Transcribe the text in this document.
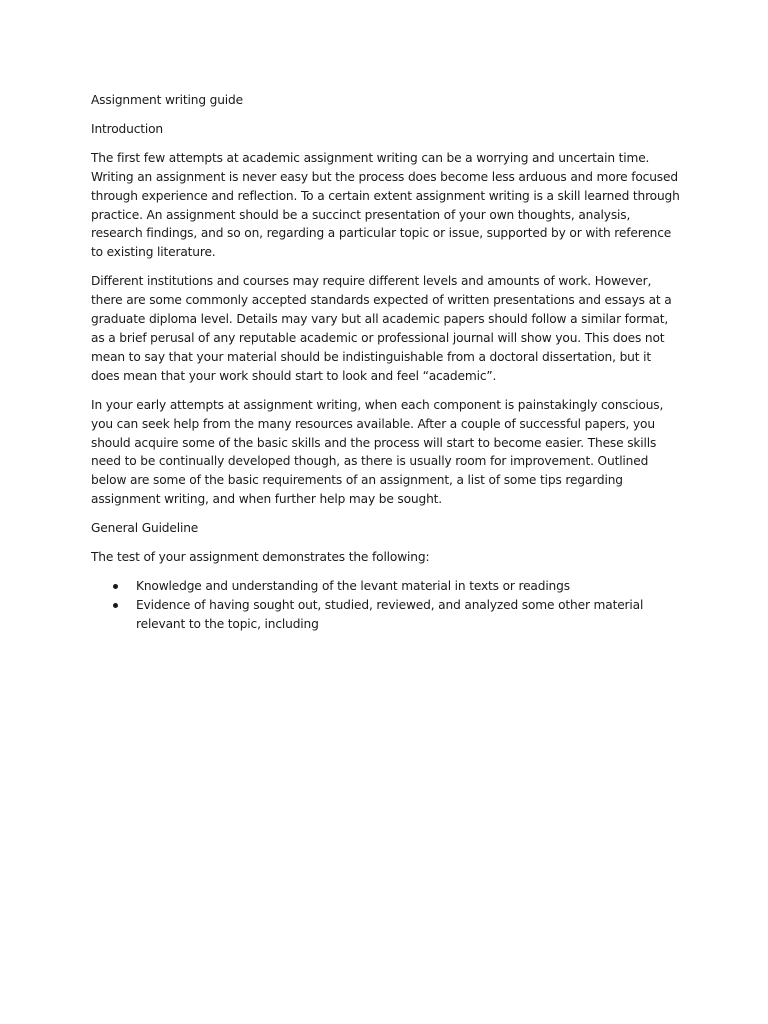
Assignment writing guide

Introduction

The first few attempts at academic assignment writing can be a worrying and uncertain time. Writing an assignment is never easy but the process does become less arduous and more focused through experience and reflection. To a certain extent assignment writing is a skill learned through practice. An assignment should be a succinct presentation of your own thoughts, analysis, research findings, and so on, regarding a particular topic or issue, supported by or with reference to existing literature.

Different institutions and courses may require different levels and amounts of work. However, there are some commonly accepted standards expected of written presentations and essays at a graduate diploma level. Details may vary but all academic papers should follow a similar format, as a brief perusal of any reputable academic or professional journal will show you. This does not mean to say that your material should be indistinguishable from a doctoral dissertation, but it does mean that your work should start to look and feel “academic”.

In your early attempts at assignment writing, when each component is painstakingly conscious, you can seek help from the many resources available. After a couple of successful papers, you should acquire some of the basic skills and the process will start to become easier. These skills need to be continually developed though, as there is usually room for improvement. Outlined below are some of the basic requirements of an assignment, a list of some tips regarding assignment writing, and when further help may be sought.

General Guideline

The test of your assignment demonstrates the following:

Knowledge and understanding of the levant material in texts or readings
Evidence of having sought out, studied, reviewed, and analyzed some other material relevant to the topic, including
